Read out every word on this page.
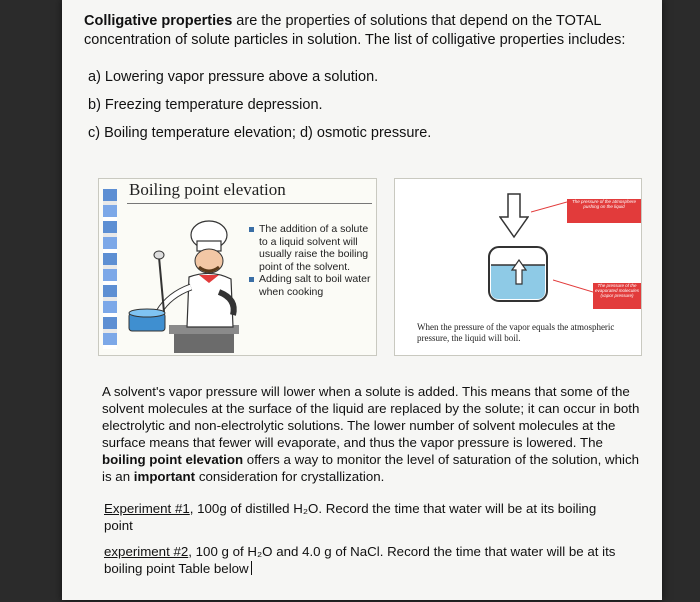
Colligative properties are the properties of solutions that depend on the TOTAL concentration of solute particles in solution. The list of colligative properties includes:
a) Lowering vapor pressure above a solution.
b) Freezing temperature depression.
c) Boiling temperature elevation; d) osmotic pressure.
Boiling point elevation
The addition of a solute to a liquid solvent will usually raise the boiling point of the solvent.
Adding salt to boil water when cooking
The pressure of the atmosphere pushing on the liquid
The pressure of the evaporated molecules (vapor pressure)
When the pressure of the vapor equals the atmospheric pressure, the liquid will boil.
A solvent's vapor pressure will lower when a solute is added. This means that some of the solvent molecules at the surface of the liquid are replaced by the solute; it can occur in both electrolytic and non-electrolytic solutions. The lower number of solvent molecules at the surface means that fewer will evaporate, and thus the vapor pressure is lowered. The boiling point elevation offers a way to monitor the level of saturation of the solution, which is an important consideration for crystallization.
Experiment #1, 100g of distilled H₂O. Record the time that water will be at its boiling point
experiment #2, 100 g of H₂O and 4.0 g of NaCl. Record the time that water will be at its boiling point Table below
